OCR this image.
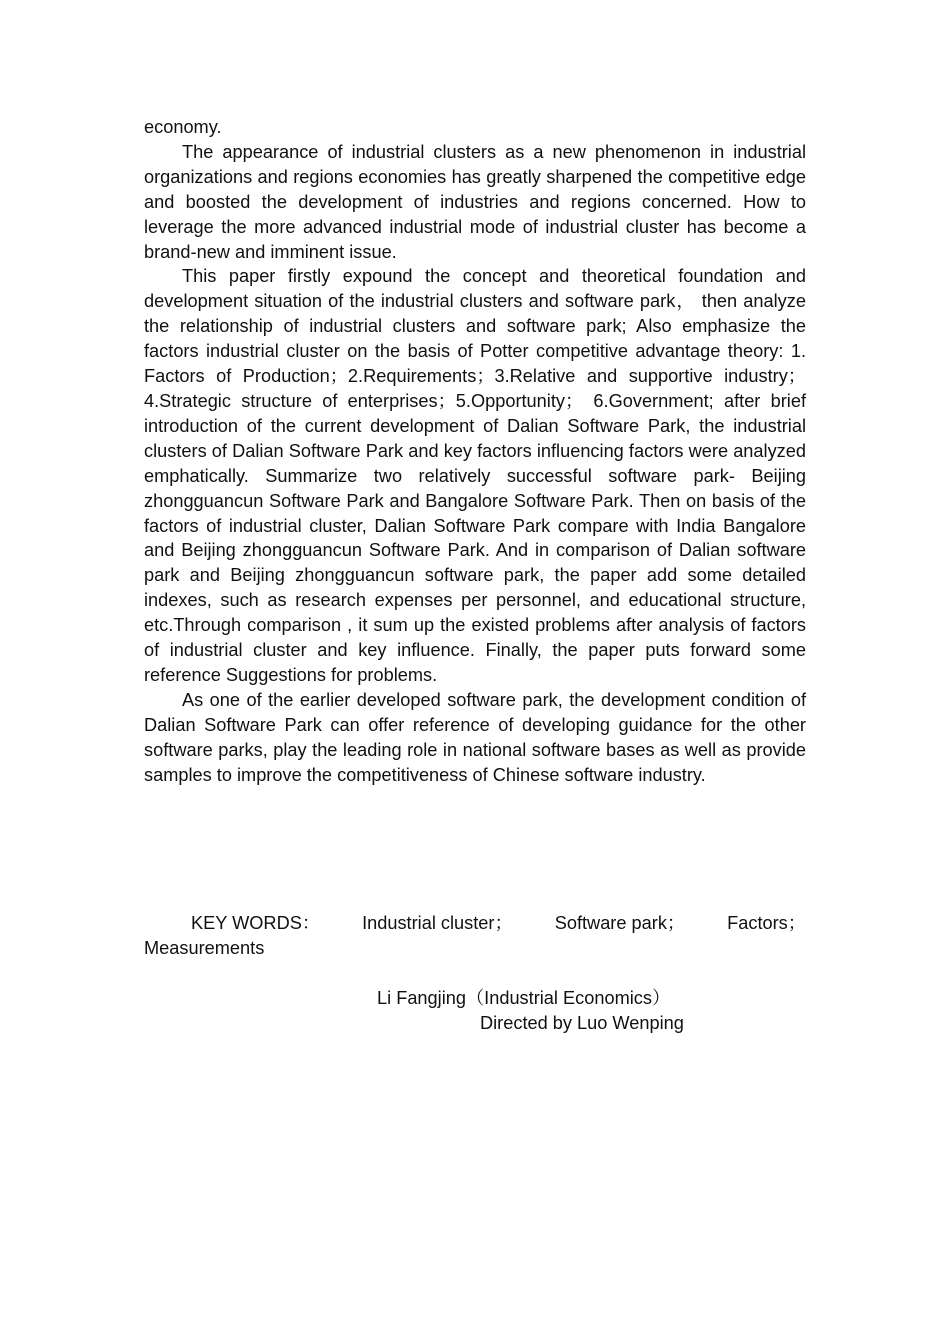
economy.

The appearance of industrial clusters as a new phenomenon in industrial organizations and regions economies has greatly sharpened the competitive edge and boosted the development of industries and regions concerned. How to leverage the more advanced industrial mode of industrial cluster has become a brand-new and imminent issue.

This paper firstly expound the concept and theoretical foundation and development situation of the industrial clusters and software park， then analyze the relationship of industrial clusters and software park; Also emphasize the factors industrial cluster on the basis of Potter competitive advantage theory: 1. Factors of Production；2.Requirements；3.Relative and supportive industry；4.Strategic structure of enterprises；5.Opportunity； 6.Government; after brief introduction of the current development of Dalian Software Park, the industrial clusters of Dalian Software Park and key factors influencing factors were analyzed emphatically. Summarize two relatively successful software park- Beijing zhongguancun Software Park and Bangalore Software Park. Then on basis of the factors of industrial cluster, Dalian Software Park compare with India Bangalore and Beijing zhongguancun Software Park. And in comparison of Dalian software park and Beijing zhongguancun software park, the paper add some detailed indexes, such as research expenses per personnel, and educational structure, etc.Through comparison , it sum up the existed problems after analysis of factors of industrial cluster and key influence. Finally, the paper puts forward some reference Suggestions for problems.

As one of the earlier developed software park, the development condition of Dalian Software Park can offer reference of developing guidance for the other software parks, play the leading role in national software bases as well as provide samples to improve the competitiveness of Chinese software industry.

KEY WORDS： Industrial cluster； Software park； Factors；
Measurements
Li Fangjing（Industrial Economics）
Directed by Luo Wenping
